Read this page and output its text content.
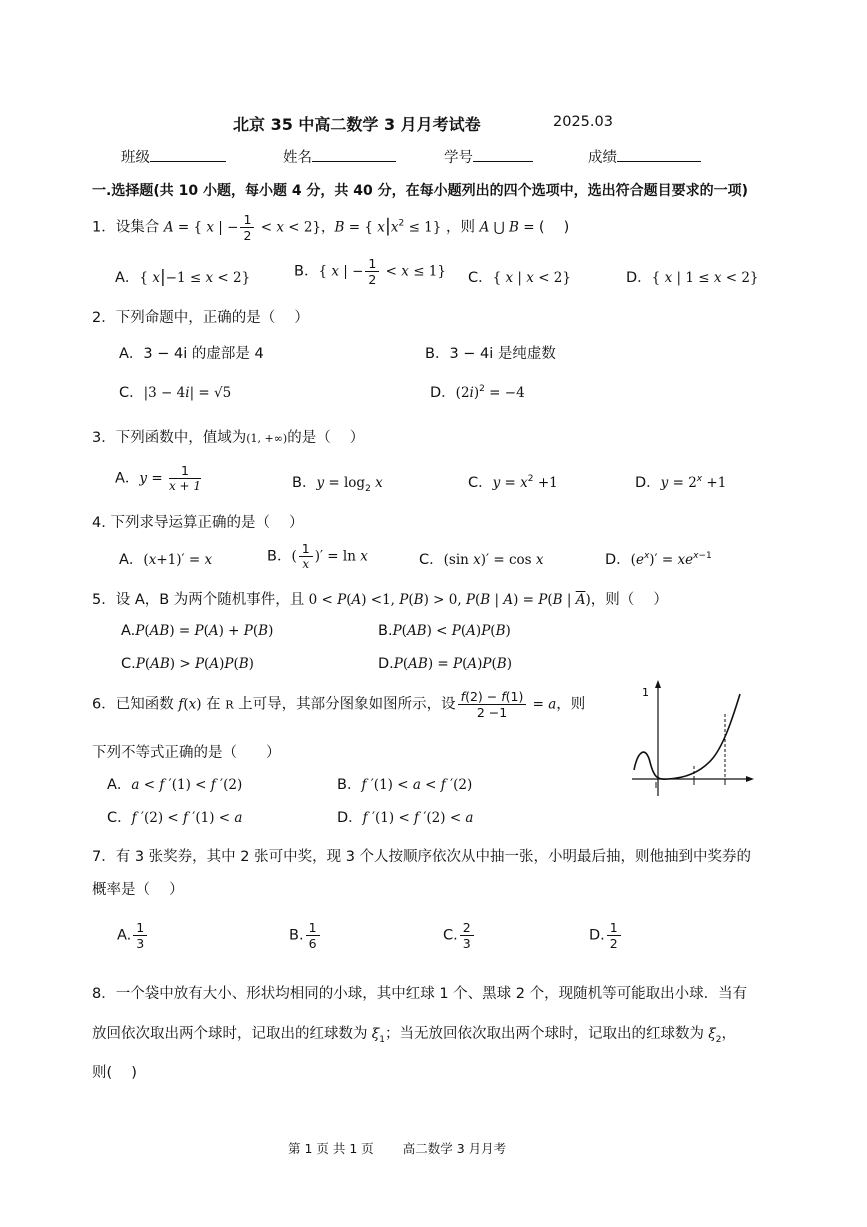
北京 35 中高二数学 3 月月考试卷	2025.03
班级	姓名	学号	成绩
一.选择题(共 10 小题，每小题 4 分，共 40 分，在每小题列出的四个选项中，选出符合题目要求的一项)
1．设集合 A = { x | − $\frac{1}{2} < x < 2$}，B = { $x|x^2 \le 1$} ，则 A ⋃ B = (　 )
A．{ x|−1 ≤ x < 2}	B．{ x | − $\frac{1}{2} < x \le 1$} C．{ x | x < 2}	D．{ x | 1 ≤ x < 2}
2．下列命题中，正确的是（　 ）
A．3 − 4i 的虚部是 4	B．3 − 4i 是纯虚数
C．|3 − 4i| = √5	D．$(2i)^2 = -4$
3．下列函数中，值域为(1, +∞)的是（　 ）
A．$y = \frac{1}{x + 1}$	B．$y = \log_2 x$	C．$y = x^2 +1$	D．$y = 2^x +1$
4. 下列求导运算正确的是（　 ）
A．(x+1)′ = x	B．( $\frac{1}{x}$ )′ = ln x	C．(sin x)′ = cos x	D．$(e^x)' = xe^{x-1}$
5．设 A，B 为两个随机事件，且 0 < P(A) <1, P(B) > 0, P(B | A) = P(B | $\overline{A}$)，则（　 ）
A.P(AB) = P(A) + P(B)	B.P(AB) < P(A)P(B)
C.P(AB) > P(A)P(B)	D.P(AB) = P(A)P(B)
6．已知函数 f(x) 在 R 上可导，其部分图象如图所示，设 $\frac{f(2) - f(1)}{2 -1} = a$，则
下列不等式正确的是（　　）
A．a < f ′(1) < f ′(2)	B．f ′(1) < a < f ′(2)
C．f ′(2) < f ′(1) < a	D．f ′(1) < f ′(2) < a
1
7．有 3 张奖券，其中 2 张可中奖，现 3 个人按顺序依次从中抽一张，小明最后抽，则他抽到中奖券的
概率是（　 ）
A. $\frac{1}{3}$	B. $\frac{1}{6}$	C. $\frac{2}{3}$	D. $\frac{1}{2}$
8．一个袋中放有大小、形状均相同的小球，其中红球 1 个、黑球 2 个，现随机等可能取出小球．当有
放回依次取出两个球时，记取出的红球数为 $\xi_1$；当无放回依次取出两个球时，记取出的红球数为 $\xi_2$，
则(　 )
第 1 页 共 1 页　　 高二数学 3 月月考
